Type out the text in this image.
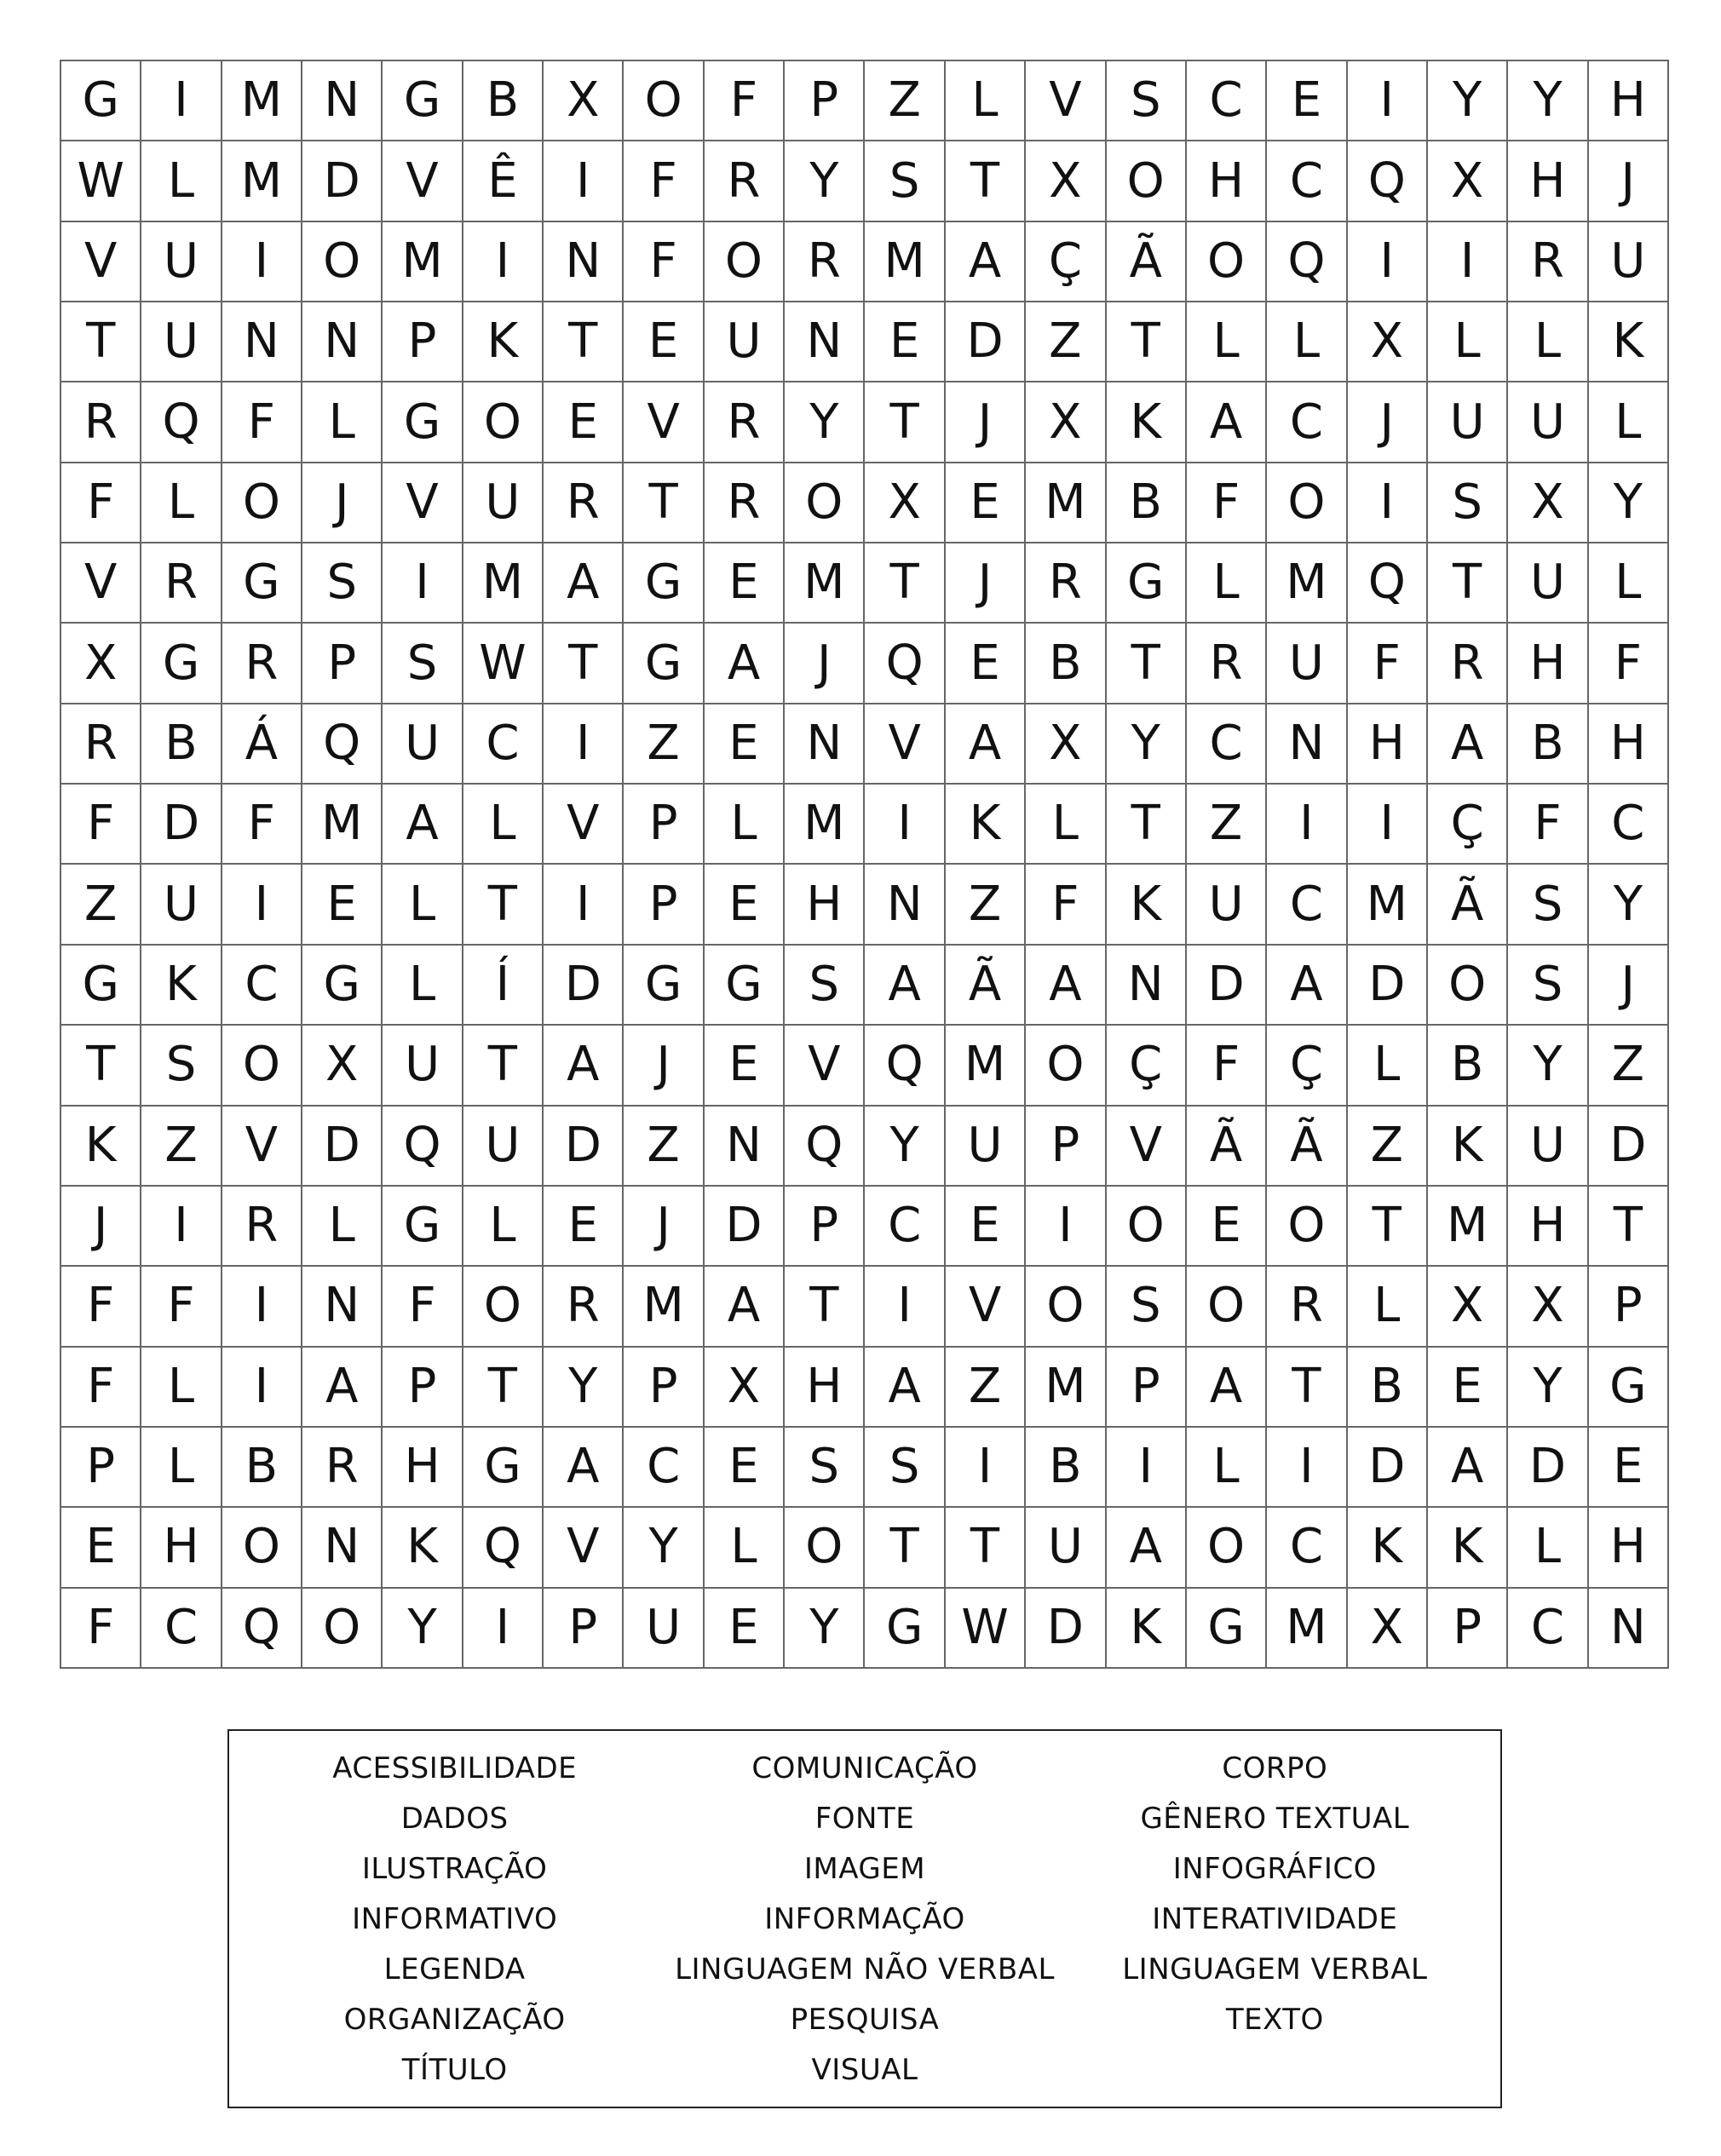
G	I	M N G B X O	F	P	Z	L	V	S	C	E	I	Y	Y	H
W L M D V	Ê	I	F	R	Y	S	T	X O H C Q X H	J
V U	I	O M	I	N	F	O R M A Ç Ã O Q	I	I	R U
T	U N N	P	K	T	E	U N E D Z	T	L	L	X	L	L	K
R Q	F	L	G O E	V R	Y	T	J	X	K	A C	J	U U	L
F	L	O	J	V U R	T	R O X	E M B	F	O	I	S	X	Y
V R G S	I	M A G E M T	J	R G	L M Q T	U	L
X G R	P	S W T G A	J	Q E	B	T	R U	F	R H	F
R B Á Q U C	I	Z	E N V	A	X	Y	C N H A B H
F	D	F M A	L	V	P	L M	I	K	L	T	Z	I	I	Ç	F	C
Z U	I	E	L	T	I	P	E H N Z	F	K U C M Ã	S	Y
G K	C G	L	Í	D G G S	A	Ã	A N D A D O S	J
T	S O X U	T	A	J	E	V Q M O Ç	F	Ç	L	B	Y	Z
K	Z	V D Q U D Z N Q Y	U	P	V	Ã	Ã	Z	K U D
J	I	R	L	G	L	E	J	D P	C	E	I	O E O T M H	T
F	F	I	N	F	O R M A	T	I	V O S O R	L	X X	P
F	L	I	A	P	T	Y	P	X H A	Z M P	A	T	B	E	Y G
P	L	B R H G A C	E	S	S	I	B	I	L	I	D A D E
E H O N K Q V	Y	L	O T	T	U A O C	K	K	L	H
F	C Q O Y	I	P	U	E	Y G W D K G M X	P	C N
ACESSIBILIDADE	COMUNICAÇÃO	CORPO
DADOS	FONTE	GÊNERO TEXTUAL
ILUSTRAÇÃO	IMAGEM	INFOGRÁFICO
INFORMATIVO	INFORMAÇÃO	INTERATIVIDADE
LEGENDA	LINGUAGEM NÃO VERBAL	LINGUAGEM VERBAL
ORGANIZAÇÃO	PESQUISA	TEXTO
TÍTULO	VISUAL
